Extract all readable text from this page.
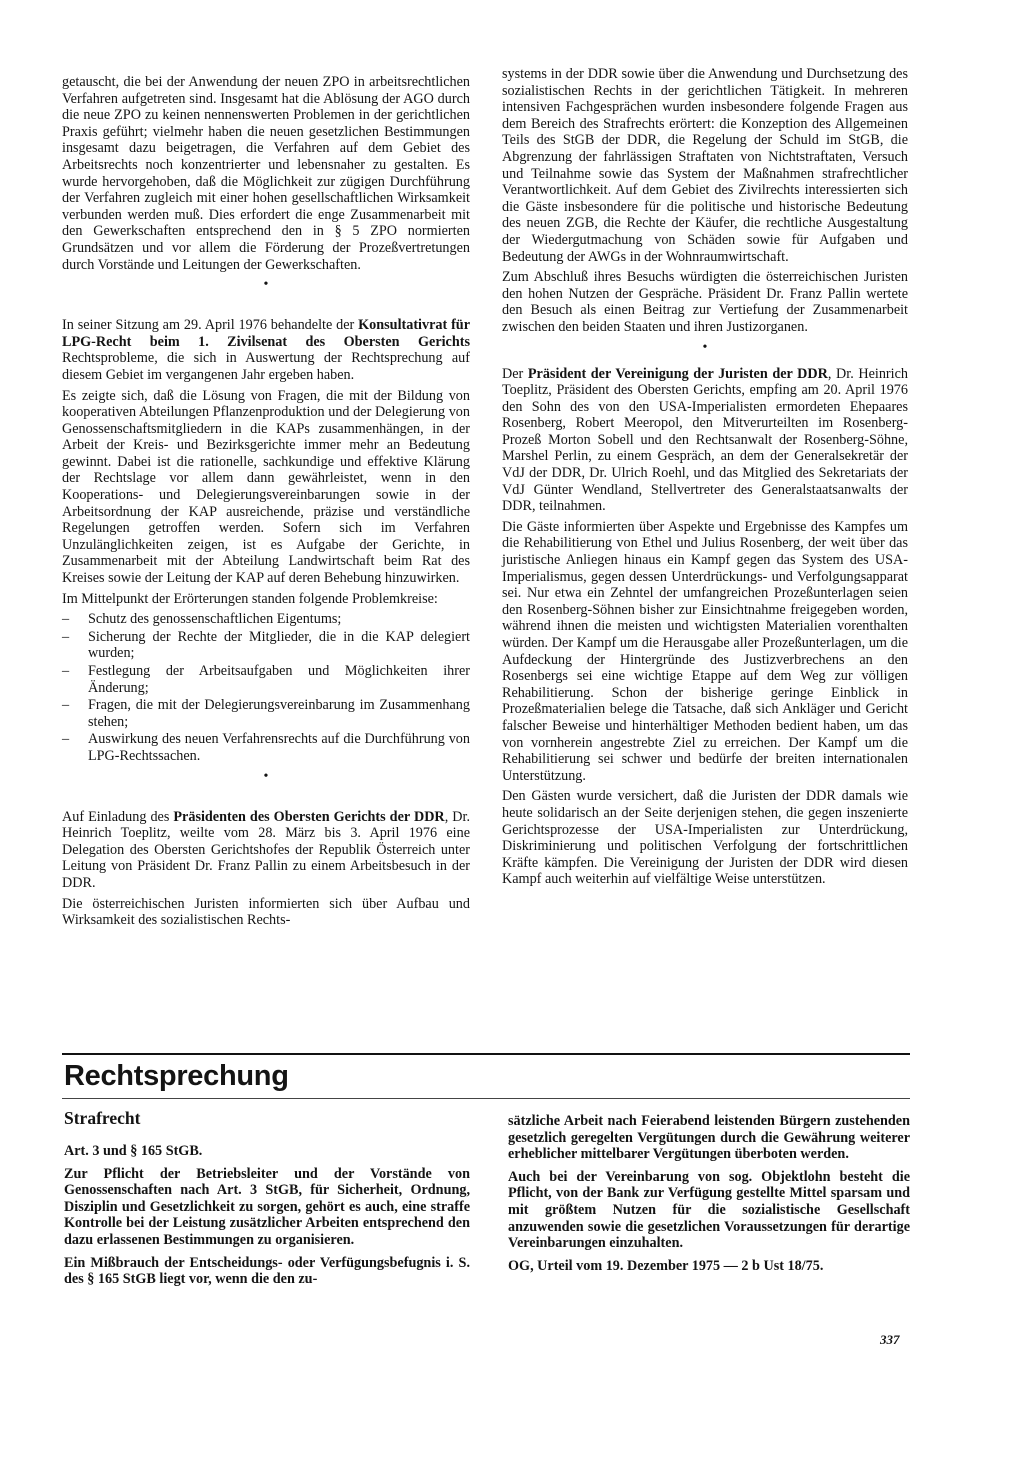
getauscht, die bei der Anwendung der neuen ZPO in arbeitsrechtlichen Verfahren aufgetreten sind. Insgesamt hat die Ablösung der AGO durch die neue ZPO zu keinen nennenswerten Problemen in der gerichtlichen Praxis geführt; vielmehr haben die neuen gesetzlichen Bestimmungen insgesamt dazu beigetragen, die Verfahren auf dem Gebiet des Arbeitsrechts noch konzentrierter und lebensnaher zu gestalten. Es wurde hervorgehoben, daß die Möglichkeit zur zügigen Durchführung der Verfahren zugleich mit einer hohen gesellschaftlichen Wirksamkeit verbunden werden muß. Dies erfordert die enge Zusammenarbeit mit den Gewerkschaften entsprechend den in § 5 ZPO normierten Grundsätzen und vor allem die Förderung der Prozeßvertretungen durch Vorstände und Leitungen der Gewerkschaften.

•

In seiner Sitzung am 29. April 1976 behandelte der Konsultativrat für LPG-Recht beim 1. Zivilsenat des Obersten Gerichts Rechtsprobleme, die sich in Auswertung der Rechtsprechung auf diesem Gebiet im vergangenen Jahr ergeben haben.

Es zeigte sich, daß die Lösung von Fragen, die mit der Bildung von kooperativen Abteilungen Pflanzenproduktion und der Delegierung von Genossenschaftsmitgliedern in die KAPs zusammenhängen, in der Arbeit der Kreis- und Bezirksgerichte immer mehr an Bedeutung gewinnt. Dabei ist die rationelle, sachkundige und effektive Klärung der Rechtslage vor allem dann gewährleistet, wenn in den Kooperations- und Delegierungsvereinbarungen sowie in der Arbeitsordnung der KAP ausreichende, präzise und verständliche Regelungen getroffen werden. Sofern sich im Verfahren Unzulänglichkeiten zeigen, ist es Aufgabe der Gerichte, in Zusammenarbeit mit der Abteilung Landwirtschaft beim Rat des Kreises sowie der Leitung der KAP auf deren Behebung hinzuwirken.

Im Mittelpunkt der Erörterungen standen folgende Problemkreise:

– Schutz des genossenschaftlichen Eigentums;
– Sicherung der Rechte der Mitglieder, die in die KAP delegiert wurden;
– Festlegung der Arbeitsaufgaben und Möglichkeiten ihrer Änderung;
– Fragen, die mit der Delegierungsvereinbarung im Zusammenhang stehen;
– Auswirkung des neuen Verfahrensrechts auf die Durchführung von LPG-Rechtssachen.
•

Auf Einladung des Präsidenten des Obersten Gerichts der DDR, Dr. Heinrich Toeplitz, weilte vom 28. März bis 3. April 1976 eine Delegation des Obersten Gerichtshofes der Republik Österreich unter Leitung von Präsident Dr. Franz Pallin zu einem Arbeitsbesuch in der DDR.

Die österreichischen Juristen informierten sich über Aufbau und Wirksamkeit des sozialistischen Rechts-

systems in der DDR sowie über die Anwendung und Durchsetzung des sozialistischen Rechts in der gerichtlichen Tätigkeit. In mehreren intensiven Fachgesprächen wurden insbesondere folgende Fragen aus dem Bereich des Strafrechts erörtert: die Konzeption des Allgemeinen Teils des StGB der DDR, die Regelung der Schuld im StGB, die Abgrenzung der fahrlässigen Straftaten von Nichtstraftaten, Versuch und Teilnahme sowie das System der Maßnahmen strafrechtlicher Verantwortlichkeit. Auf dem Gebiet des Zivilrechts interessierten sich die Gäste insbesondere für die politische und historische Bedeutung des neuen ZGB, die Rechte der Käufer, die rechtliche Ausgestaltung der Wiedergutmachung von Schäden sowie für Aufgaben und Bedeutung der AWGs in der Wohnraumwirtschaft.

Zum Abschluß ihres Besuchs würdigten die österreichischen Juristen den hohen Nutzen der Gespräche. Präsident Dr. Franz Pallin wertete den Besuch als einen Beitrag zur Vertiefung der Zusammenarbeit zwischen den beiden Staaten und ihren Justizorganen.

•

Der Präsident der Vereinigung der Juristen der DDR, Dr. Heinrich Toeplitz, Präsident des Obersten Gerichts, empfing am 20. April 1976 den Sohn des von den USA-Imperialisten ermordeten Ehepaares Rosenberg, Robert Meeropol, den Mitverurteilten im Rosenberg-Prozeß Morton Sobell und den Rechtsanwalt der Rosenberg-Söhne, Marshel Perlin, zu einem Gespräch, an dem der Generalsekretär der VdJ der DDR, Dr. Ulrich Roehl, und das Mitglied des Sekretariats der VdJ Günter Wendland, Stellvertreter des Generalstaatsanwalts der DDR, teilnahmen.

Die Gäste informierten über Aspekte und Ergebnisse des Kampfes um die Rehabilitierung von Ethel und Julius Rosenberg, der weit über das juristische Anliegen hinaus ein Kampf gegen das System des USA-Imperialismus, gegen dessen Unterdrückungs- und Verfolgungsapparat sei. Nur etwa ein Zehntel der umfangreichen Prozeßunterlagen seien den Rosenberg-Söhnen bisher zur Einsichtnahme freigegeben worden, während ihnen die meisten und wichtigsten Materialien vorenthalten würden. Der Kampf um die Herausgabe aller Prozeßunterlagen, um die Aufdeckung der Hintergründe des Justizverbrechens an den Rosenbergs sei eine wichtige Etappe auf dem Weg zur völligen Rehabilitierung. Schon der bisherige geringe Einblick in Prozeßmaterialien belege die Tatsache, daß sich Ankläger und Gericht falscher Beweise und hinterhältiger Methoden bedient haben, um das von vornherein angestrebte Ziel zu erreichen. Der Kampf um die Rehabilitierung sei schwer und bedürfe der breiten internationalen Unterstützung.

Den Gästen wurde versichert, daß die Juristen der DDR damals wie heute solidarisch an der Seite derjenigen stehen, die gegen inszenierte Gerichtsprozesse der USA-Imperialisten zur Unterdrückung, Diskriminierung und politischen Verfolgung der fortschrittlichen Kräfte kämpfen. Die Vereinigung der Juristen der DDR wird diesen Kampf auch weiterhin auf vielfältige Weise unterstützen.

Rechtsprechung
Strafrecht

Art. 3 und § 165 StGB.

Zur Pflicht der Betriebsleiter und der Vorstände von Genossenschaften nach Art. 3 StGB, für Sicherheit, Ordnung, Disziplin und Gesetzlichkeit zu sorgen, gehört es auch, eine straffe Kontrolle bei der Leistung zusätzlicher Arbeiten entsprechend den dazu erlassenen Bestimmungen zu organisieren.

Ein Mißbrauch der Entscheidungs- oder Verfügungsbefugnis i. S. des § 165 StGB liegt vor, wenn die den zu-

sätzliche Arbeit nach Feierabend leistenden Bürgern zustehenden gesetzlich geregelten Vergütungen durch die Gewährung weiterer erheblicher mittelbarer Vergütungen überboten werden.

Auch bei der Vereinbarung von sog. Objektlohn besteht die Pflicht, von der Bank zur Verfügung gestellte Mittel sparsam und mit größtem Nutzen für die sozialistische Gesellschaft anzuwenden sowie die gesetzlichen Voraussetzungen für derartige Vereinbarungen einzuhalten.

OG, Urteil vom 19. Dezember 1975 — 2 b Ust 18/75.

337
